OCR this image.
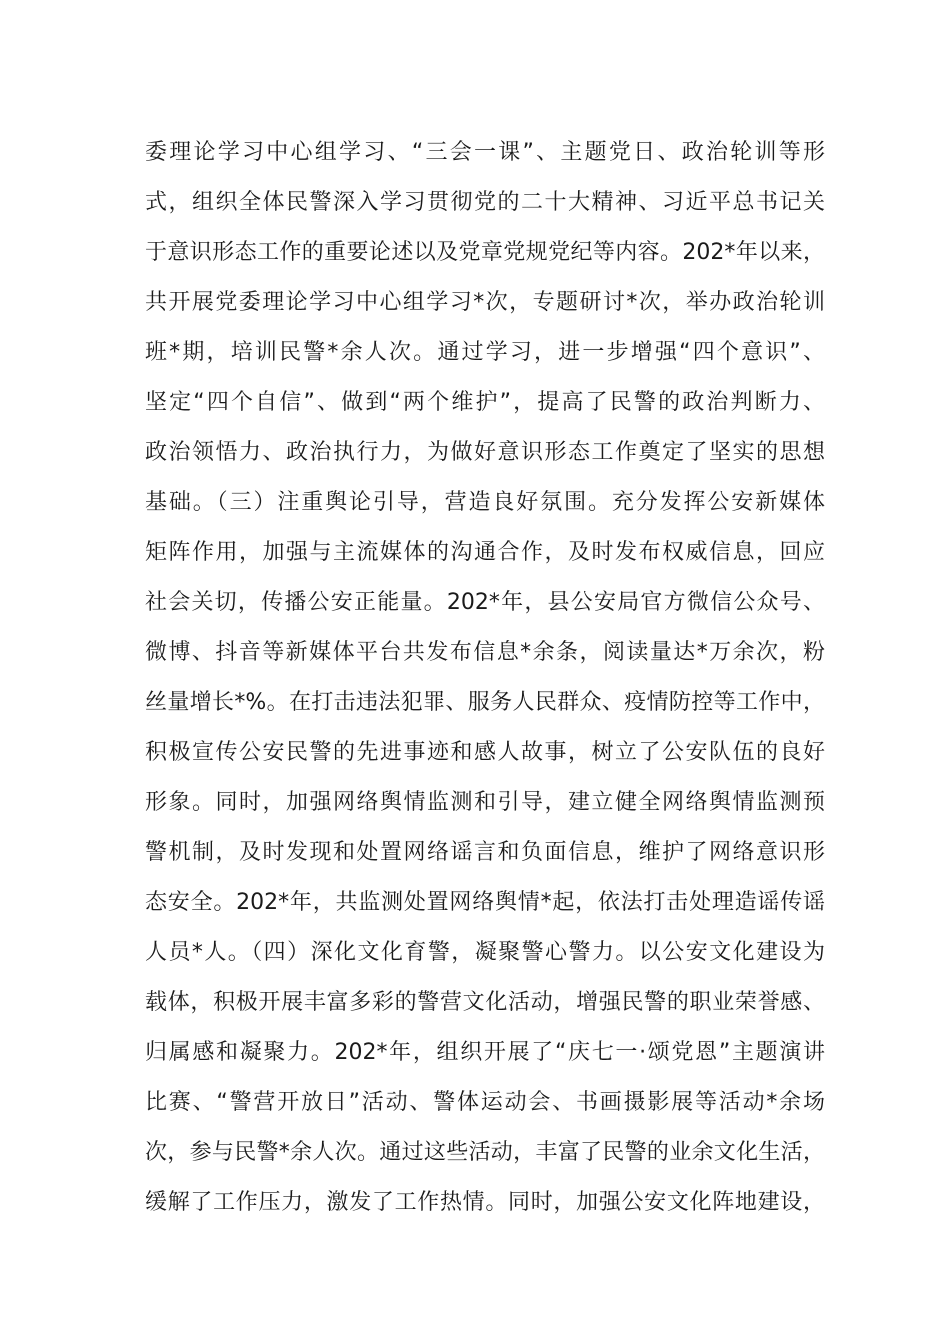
委理论学习中心组学习、“三会一课”、主题党日、政治轮训等形
式，组织全体民警深入学习贯彻党的二十大精神、习近平总书记关
于意识形态工作的重要论述以及党章党规党纪等内容。202*年以来，
共开展党委理论学习中心组学习*次，专题研讨*次，举办政治轮训
班*期，培训民警*余人次。通过学习，进一步增强“四个意识”、
坚定“四个自信”、做到“两个维护”，提高了民警的政治判断力、
政治领悟力、政治执行力，为做好意识形态工作奠定了坚实的思想
基础。（三）注重舆论引导，营造良好氛围。充分发挥公安新媒体
矩阵作用，加强与主流媒体的沟通合作，及时发布权威信息，回应
社会关切，传播公安正能量。202*年，县公安局官方微信公众号、
微博、抖音等新媒体平台共发布信息*余条，阅读量达*万余次，粉
丝量增长*%。在打击违法犯罪、服务人民群众、疫情防控等工作中，
积极宣传公安民警的先进事迹和感人故事，树立了公安队伍的良好
形象。同时，加强网络舆情监测和引导，建立健全网络舆情监测预
警机制，及时发现和处置网络谣言和负面信息，维护了网络意识形
态安全。202*年，共监测处置网络舆情*起，依法打击处理造谣传谣
人员*人。（四）深化文化育警，凝聚警心警力。以公安文化建设为
载体，积极开展丰富多彩的警营文化活动，增强民警的职业荣誉感、
归属感和凝聚力。202*年，组织开展了“庆七一·颂党恩”主题演讲
比赛、“警营开放日”活动、警体运动会、书画摄影展等活动*余场
次，参与民警*余人次。通过这些活动，丰富了民警的业余文化生活，
缓解了工作压力，激发了工作热情。同时，加强公安文化阵地建设，
